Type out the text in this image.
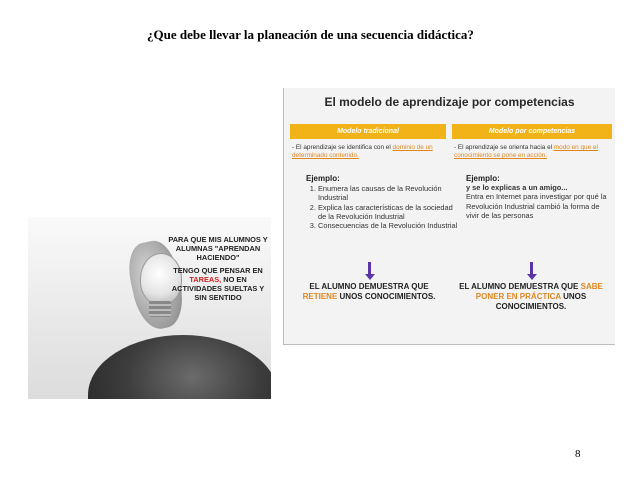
¿Que debe llevar la planeación de una secuencia didáctica?

PARA QUE MIS ALUMNOS Y ALUMNAS "APRENDAN HACIENDO"

TENGO QUE PENSAR EN TAREAS, NO EN ACTIVIDADES SUELTAS Y SIN SENTIDO

El modelo de aprendizaje por competencias
Modelo tradicional	Modelo por competencias
- El aprendizaje se identifica con el dominio de un determinado contenido.
- El aprendizaje se orienta hacia el modo en que el conocimiento se pone en acción.
Ejemplo:
1. Enumera las causas de la Revolución Industrial
2. Explica las características de la sociedad de la Revolución Industrial
3. Consecuencias de la Revolución Industrial
Ejemplo:
y se lo explicas a un amigo...
Entra en Internet para investigar por qué la Revolución Industrial cambió la forma de vivir de las personas
EL ALUMNO DEMUESTRA QUE RETIENE UNOS CONOCIMIENTOS.
EL ALUMNO DEMUESTRA QUE SABE PONER EN PRÁCTICA UNOS CONOCIMIENTOS.
8
